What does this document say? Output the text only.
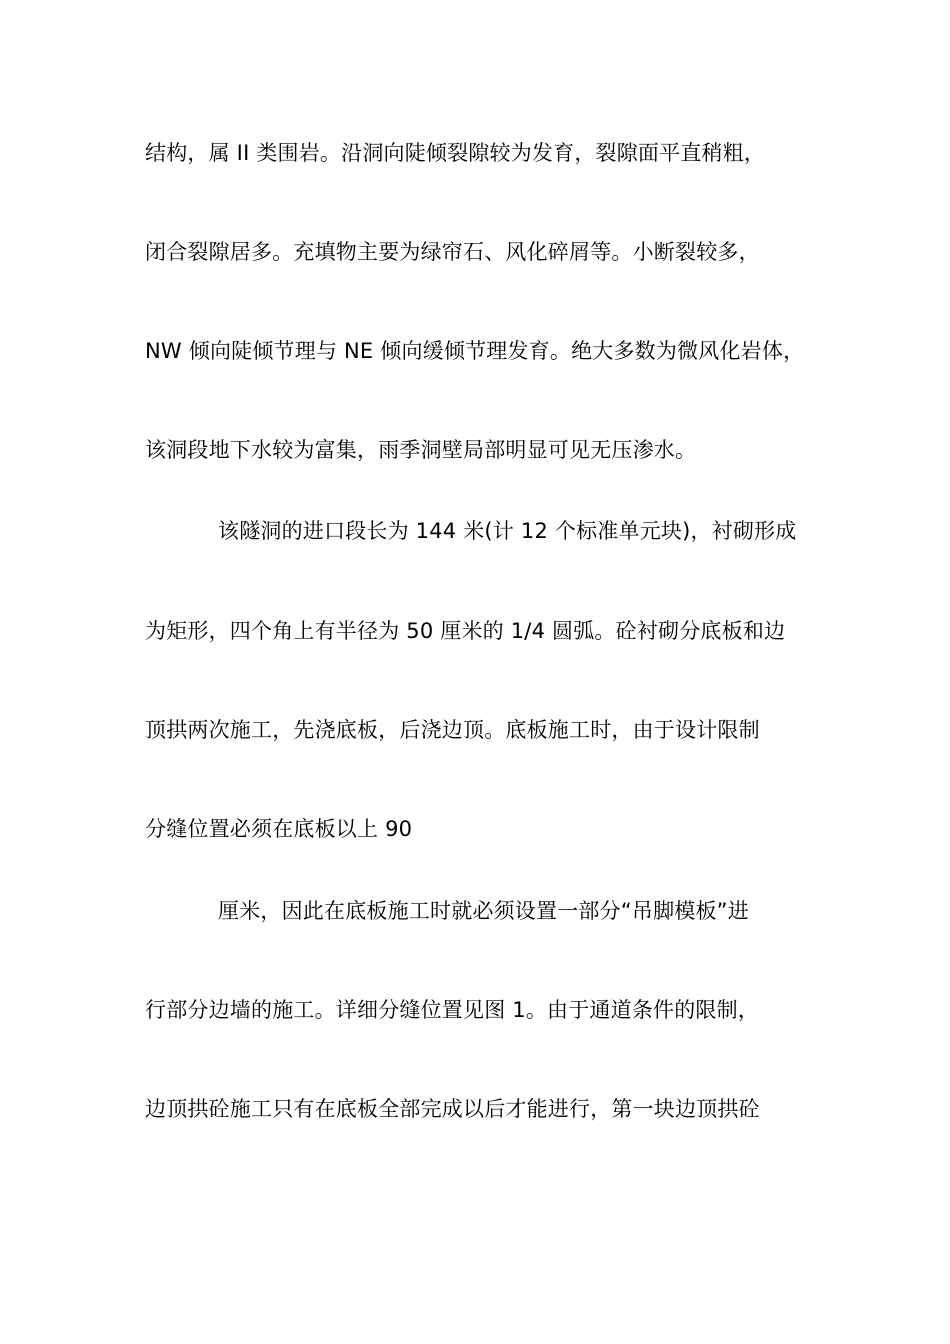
结构，属 II 类围岩。沿洞向陡倾裂隙较为发育，裂隙面平直稍粗，
闭合裂隙居多。充填物主要为绿帘石、风化碎屑等。小断裂较多，
NW 倾向陡倾节理与 NE 倾向缓倾节理发育。绝大多数为微风化岩体，
该洞段地下水较为富集，雨季洞壁局部明显可见无压渗水。
该隧洞的进口段长为 144 米(计 12 个标准单元块)，衬砌形成
为矩形，四个角上有半径为 50 厘米的 1/4 圆弧。砼衬砌分底板和边
顶拱两次施工，先浇底板，后浇边顶。底板施工时，由于设计限制
分缝位置必须在底板以上 90
厘米，因此在底板施工时就必须设置一部分“吊脚模板”进
行部分边墙的施工。详细分缝位置见图 1。由于通道条件的限制，
边顶拱砼施工只有在底板全部完成以后才能进行，第一块边顶拱砼
